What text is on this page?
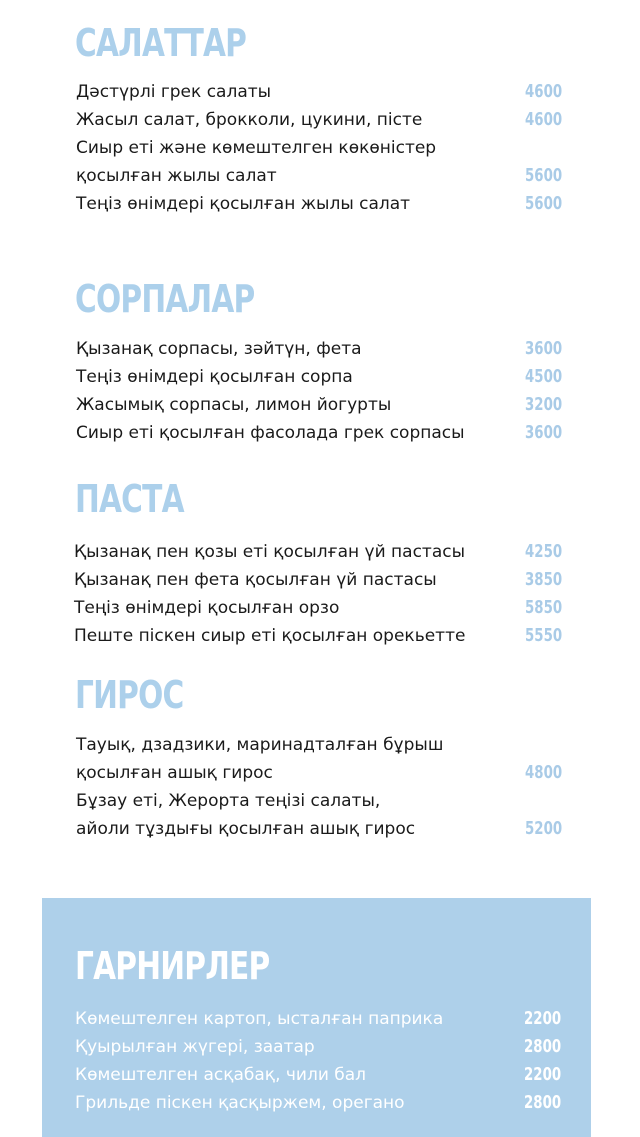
САЛАТТАР
Дәстүрлі грек салаты	4600
Жасыл салат, брокколи, цукини, пісте	4600
Сиыр еті және көмештелген көкөністер
қосылған жылы салат	5600
Теңіз өнімдері қосылған жылы салат	5600
СОРПАЛАР
Қызанақ сорпасы, зәйтүн, фета	3600
Теңіз өнімдері қосылған сорпа	4500
Жасымық сорпасы, лимон йогурты	3200
Сиыр еті қосылған фасолада грек сорпасы	3600
ПАСТА
Қызанақ пен қозы еті қосылған үй пастасы	4250
Қызанақ пен фета қосылған үй пастасы	3850
Теңіз өнімдері қосылған орзо	5850
Пеште піскен сиыр еті қосылған орекьетте	5550
ГИРОС
Тауық, дзадзики, маринадталған бұрыш
қосылған ашық гирос	4800
Бұзау еті, Жерорта теңізі салаты,
айоли тұздығы қосылған ашық гирос	5200
ГАРНИРЛЕР
Көмештелген картоп, ысталған паприка	2200
Қуырылған жүгері, заатар	2800
Көмештелген асқабақ, чили бал	2200
Грильде піскен қасқыржем, орегано	2800
